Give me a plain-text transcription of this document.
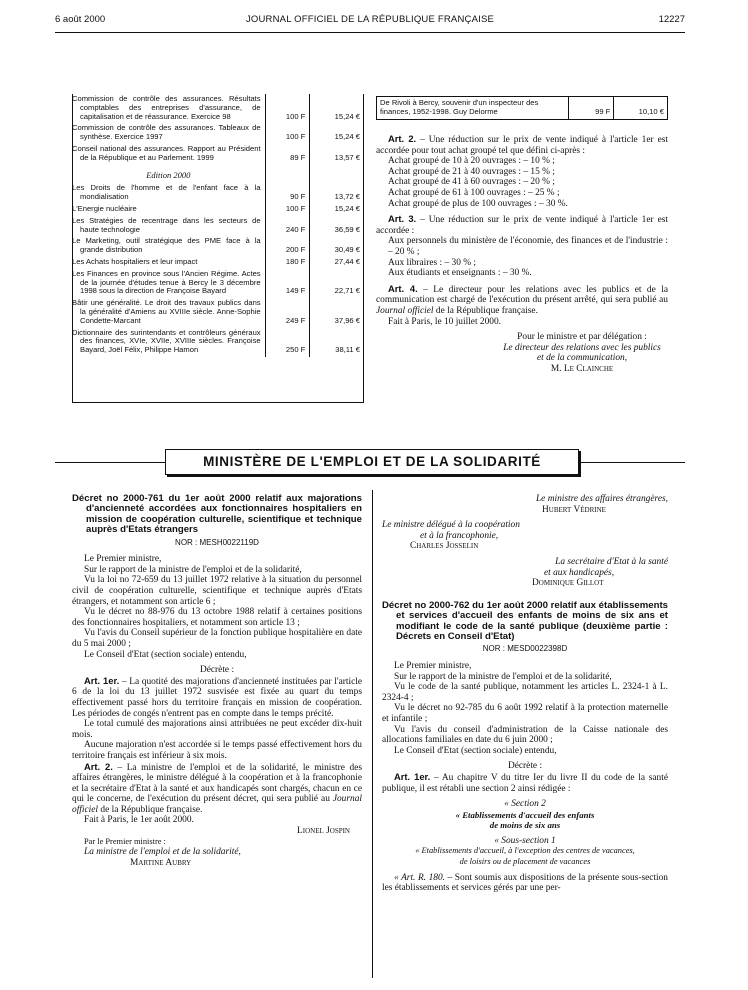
6 août 2000	JOURNAL OFFICIEL DE LA RÉPUBLIQUE FRANÇAISE	12227
Commission de contrôle des assurances. Résultats comptables des entreprises d'assurance, de capitalisation et de réassurance. Exercice 98	100 F	15,24 €

Commission de contrôle des assurances. Tableaux de synthèse. Exercice 1997	100 F	15,24 €

Conseil national des assurances. Rapport au Président de la République et au Parlement. 1999	89 F	13,57 €
Edition 2000		

Les Droits de l'homme et de l'enfant face à la mondialisation	90 F	13,72 €

L'Energie nucléaire	100 F	15,24 €

Les Stratégies de recentrage dans les secteurs de haute technologie	240 F	36,59 €

Le Marketing, outil stratégique des PME face à la grande distribution	200 F	30,49 €

Les Achats hospitaliers et leur impact	180 F	27,44 €

Les Finances en province sous l'Ancien Régime. Actes de la journée d'études tenue à Bercy le 3 décembre 1998 sous la direction de Françoise Bayard	149 F	22,71 €

Bâtir une généralité. Le droit des travaux publics dans la généralité d'Amiens au XVIIIe siècle. Anne-Sophie Condette-Marcant	249 F	37,96 €

Dictionnaire des surintendants et contrôleurs généraux des finances, XVIe, XVIIe, XVIIIe siècles. Françoise Bayard, Joël Félix, Philippe Hamon	250 F	38,11 €
De Rivoli à Bercy, souvenir d'un inspecteur des finances, 1952-1998. Guy Delorme	99 F	10,10 €

Art. 2. – Une réduction sur le prix de vente indiqué à l'article 1er est accordée pour tout achat groupé tel que défini ci-après :

Achat groupé de 10 à 20 ouvrages : – 10 % ;

Achat groupé de 21 à 40 ouvrages : – 15 % ;

Achat groupé de 41 à 60 ouvrages : – 20 % ;

Achat groupé de 61 à 100 ouvrages : – 25 % ;

Achat groupé de plus de 100 ouvrages : – 30 %.

Art. 3. – Une réduction sur le prix de vente indiqué à l'article 1er est accordée :

Aux personnels du ministère de l'économie, des finances et de l'industrie : – 20 % ;

Aux libraires : – 30 % ;

Aux étudiants et enseignants : – 30 %.

Art. 4. – Le directeur pour les relations avec les publics et de la communication est chargé de l'exécution du présent arrêté, qui sera publié au Journal officiel de la République française.

Fait à Paris, le 10 juillet 2000.

Pour le ministre et par délégation :

Le directeur des relations avec les publics

et de la communication,

M. Le Clainche

MINISTÈRE DE L'EMPLOI ET DE LA SOLIDARITÉ
Décret no 2000-761 du 1er août 2000 relatif aux majorations d'ancienneté accordées aux fonctionnaires hospitaliers en mission de coopération culturelle, scientifique et technique auprès d'Etats étrangers
NOR : MESH0022119D

Le Premier ministre,

Sur le rapport de la ministre de l'emploi et de la solidarité,

Vu la loi no 72-659 du 13 juillet 1972 relative à la situation du personnel civil de coopération culturelle, scientifique et technique auprès d'Etats étrangers, et notamment son article 6 ;

Vu le décret no 88-976 du 13 octobre 1988 relatif à certaines positions des fonctionnaires hospitaliers, et notamment son article 13 ;

Vu l'avis du Conseil supérieur de la fonction publique hospitalière en date du 5 mai 2000 ;

Le Conseil d'Etat (section sociale) entendu,

Décrète :

Art. 1er. – La quotité des majorations d'ancienneté instituées par l'article 6 de la loi du 13 juillet 1972 susvisée est fixée au quart du temps effectivement passé hors du territoire français en mission de coopération. Les périodes de congés n'entrent pas en compte dans le temps précité.

Le total cumulé des majorations ainsi attribuées ne peut excéder dix-huit mois.

Aucune majoration n'est accordée si le temps passé effectivement hors du territoire français est inférieur à six mois.

Art. 2. – La ministre de l'emploi et de la solidarité, le ministre des affaires étrangères, le ministre délégué à la coopération et à la francophonie et la secrétaire d'Etat à la santé et aux handicapés sont chargés, chacun en ce qui le concerne, de l'exécution du présent décret, qui sera publié au Journal officiel de la République française.

Fait à Paris, le 1er août 2000.

Lionel Jospin

Par le Premier ministre :

La ministre de l'emploi et de la solidarité,

Martine Aubry

Le ministre des affaires étrangères,

Hubert Védrine

Le ministre délégué à la coopération

et à la francophonie,

Charles Josselin

La secrétaire d'Etat à la santé

et aux handicapés,

Dominique Gillot

Décret no 2000-762 du 1er août 2000 relatif aux établissements et services d'accueil des enfants de moins de six ans et modifiant le code de la santé publique (deuxième partie : Décrets en Conseil d'Etat)
NOR : MESD0022398D

Le Premier ministre,

Sur le rapport de la ministre de l'emploi et de la solidarité,

Vu le code de la santé publique, notamment les articles L. 2324-1 à L. 2324-4 ;

Vu le décret no 92-785 du 6 août 1992 relatif à la protection maternelle et infantile ;

Vu l'avis du conseil d'administration de la Caisse nationale des allocations familiales en date du 6 juin 2000 ;

Le Conseil d'Etat (section sociale) entendu,

Décrète :

Art. 1er. – Au chapitre V du titre Ier du livre II du code de la santé publique, il est rétabli une section 2 ainsi rédigée :

« Section 2

« Etablissements d'accueil des enfants

de moins de six ans

« Sous-section 1

« Etablissements d'accueil, à l'exception des centres de vacances,

de loisirs ou de placement de vacances

« Art. R. 180. – Sont soumis aux dispositions de la présente sous-section les établissements et services gérés par une per-
